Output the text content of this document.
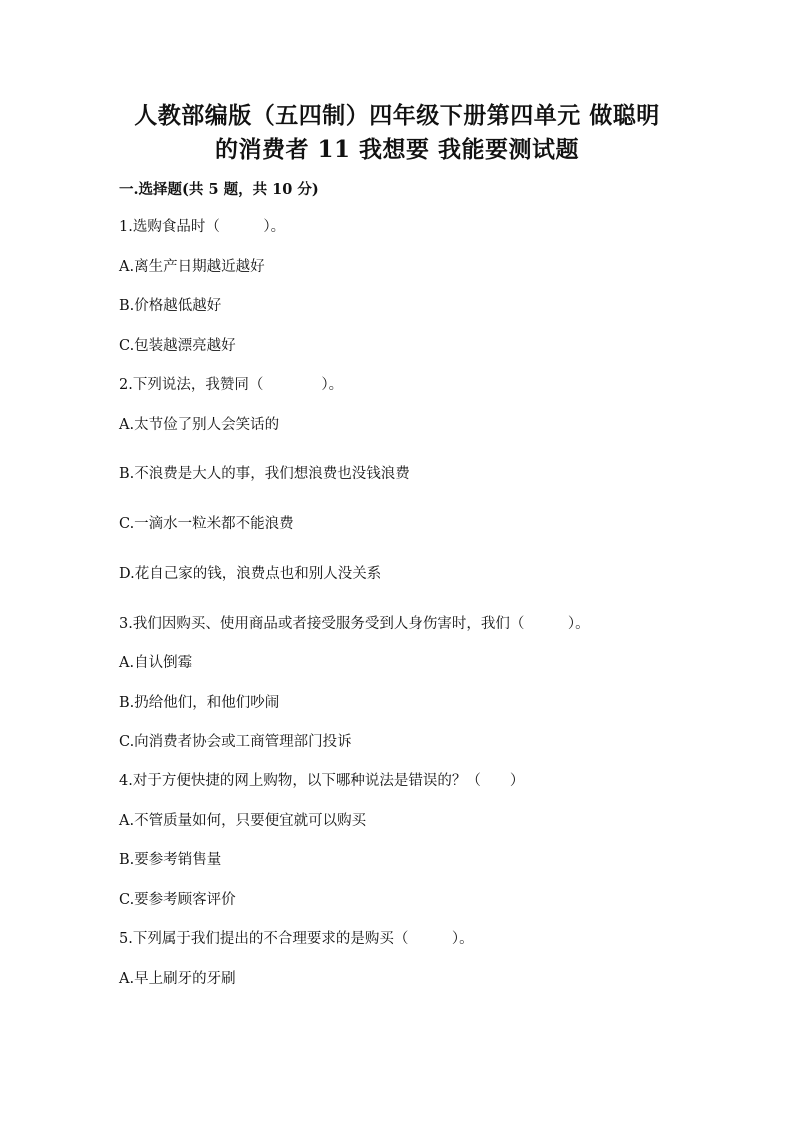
人教部编版（五四制）四年级下册第四单元 做聪明
的消费者 11 我想要 我能要测试题
一.选择题(共 5 题，共 10 分)
1.选购食品时（　　　）。
A.离生产日期越近越好
B.价格越低越好
C.包装越漂亮越好
2.下列说法，我赞同（　　　　）。
A.太节俭了别人会笑话的
B.不浪费是大人的事，我们想浪费也没钱浪费
C.一滴水一粒米都不能浪费
D.花自己家的钱，浪费点也和别人没关系
3.我们因购买、使用商品或者接受服务受到人身伤害时，我们（　　　）。
A.自认倒霉
B.扔给他们，和他们吵闹
C.向消费者协会或工商管理部门投诉
4.对于方便快捷的网上购物，以下哪种说法是错误的？（　　）
A.不管质量如何，只要便宜就可以购买
B.要参考销售量
C.要参考顾客评价
5.下列属于我们提出的不合理要求的是购买（　　　）。
A.早上刷牙的牙刷
